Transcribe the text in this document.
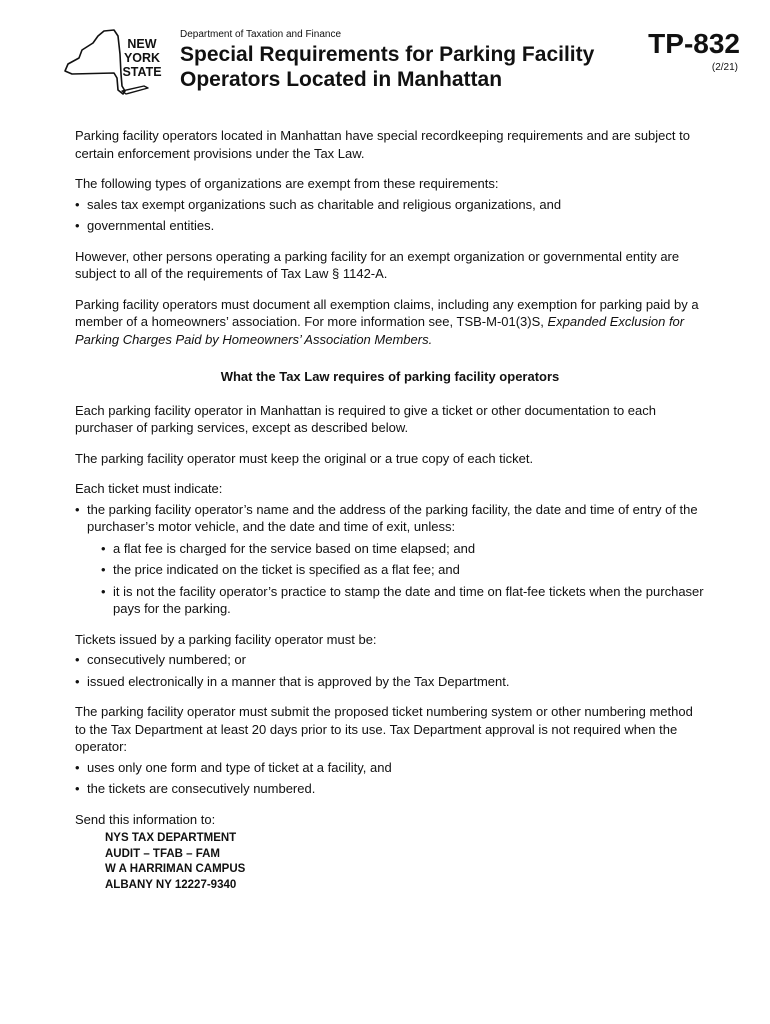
NEW
YORK
STATE
Department of Taxation and Finance
Special Requirements for Parking Facility
Operators Located in Manhattan
TP-832
(2/21)

Parking facility operators located in Manhattan have special recordkeeping requirements and are subject to certain enforcement provisions under the Tax Law.

The following types of organizations are exempt from these requirements:

• sales tax exempt organizations such as charitable and religious organizations, and
• governmental entities.

However, other persons operating a parking facility for an exempt organization or governmental entity are subject to all of the requirements of Tax Law § 1142-A.

Parking facility operators must document all exemption claims, including any exemption for parking paid by a member of a homeowners’ association. For more information see, TSB-M-01(3)S, Expanded Exclusion for Parking Charges Paid by Homeowners’ Association Members.

What the Tax Law requires of parking facility operators

Each parking facility operator in Manhattan is required to give a ticket or other documentation to each purchaser of parking services, except as described below.

The parking facility operator must keep the original or a true copy of each ticket.

Each ticket must indicate:

• the parking facility operator’s name and the address of the parking facility, the date and time of entry of the purchaser’s motor vehicle, and the date and time of exit, unless:
• a flat fee is charged for the service based on time elapsed; and
• the price indicated on the ticket is specified as a flat fee; and
• it is not the facility operator’s practice to stamp the date and time on flat-fee tickets when the purchaser pays for the parking.

Tickets issued by a parking facility operator must be:

• consecutively numbered; or
• issued electronically in a manner that is approved by the Tax Department.

The parking facility operator must submit the proposed ticket numbering system or other numbering method to the Tax Department at least 20 days prior to its use. Tax Department approval is not required when the operator:

• uses only one form and type of ticket at a facility, and
• the tickets are consecutively numbered.

Send this information to:

NYS TAX DEPARTMENT
AUDIT – TFAB – FAM
W A HARRIMAN CAMPUS
ALBANY NY 12227-9340
